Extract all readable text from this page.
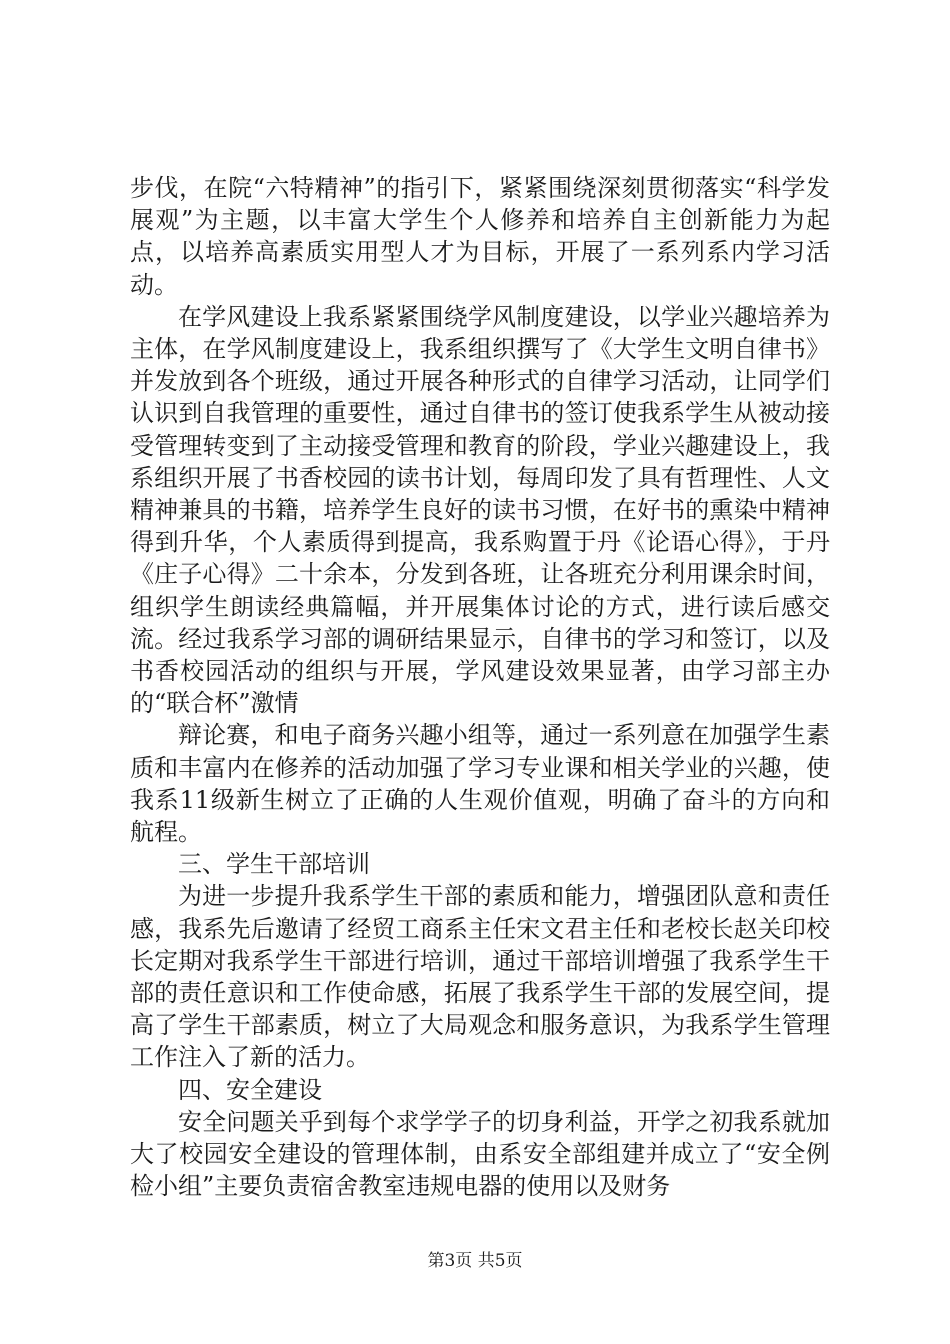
步伐，在院“六特精神”的指引下，紧紧围绕深刻贯彻落实“科学发展观”为主题，以丰富大学生个人修养和培养自主创新能力为起点，以培养高素质实用型人才为目标，开展了一系列系内学习活动。

在学风建设上我系紧紧围绕学风制度建设，以学业兴趣培养为主体，在学风制度建设上，我系组织撰写了《大学生文明自律书》并发放到各个班级，通过开展各种形式的自律学习活动，让同学们认识到自我管理的重要性，通过自律书的签订使我系学生从被动接受管理转变到了主动接受管理和教育的阶段，学业兴趣建设上，我系组织开展了书香校园的读书计划，每周印发了具有哲理性、人文精神兼具的书籍，培养学生良好的读书习惯，在好书的熏染中精神得到升华，个人素质得到提高，我系购置于丹《论语心得》，于丹《庄子心得》二十余本，分发到各班，让各班充分利用课余时间，组织学生朗读经典篇幅，并开展集体讨论的方式，进行读后感交流。经过我系学习部的调研结果显示，自律书的学习和签订，以及书香校园活动的组织与开展，学风建设效果显著，由学习部主办的“联合杯”激情

辩论赛，和电子商务兴趣小组等，通过一系列意在加强学生素质和丰富内在修养的活动加强了学习专业课和相关学业的兴趣，使我系11级新生树立了正确的人生观价值观，明确了奋斗的方向和航程。

三、学生干部培训

为进一步提升我系学生干部的素质和能力，增强团队意和责任感，我系先后邀请了经贸工商系主任宋文君主任和老校长赵关印校长定期对我系学生干部进行培训，通过干部培训增强了我系学生干部的责任意识和工作使命感，拓展了我系学生干部的发展空间，提高了学生干部素质，树立了大局观念和服务意识，为我系学生管理工作注入了新的活力。

四、安全建设

安全问题关乎到每个求学学子的切身利益，开学之初我系就加大了校园安全建设的管理体制，由系安全部组建并成立了“安全例检小组”主要负责宿舍教室违规电器的使用以及财务

第3页 共5页
